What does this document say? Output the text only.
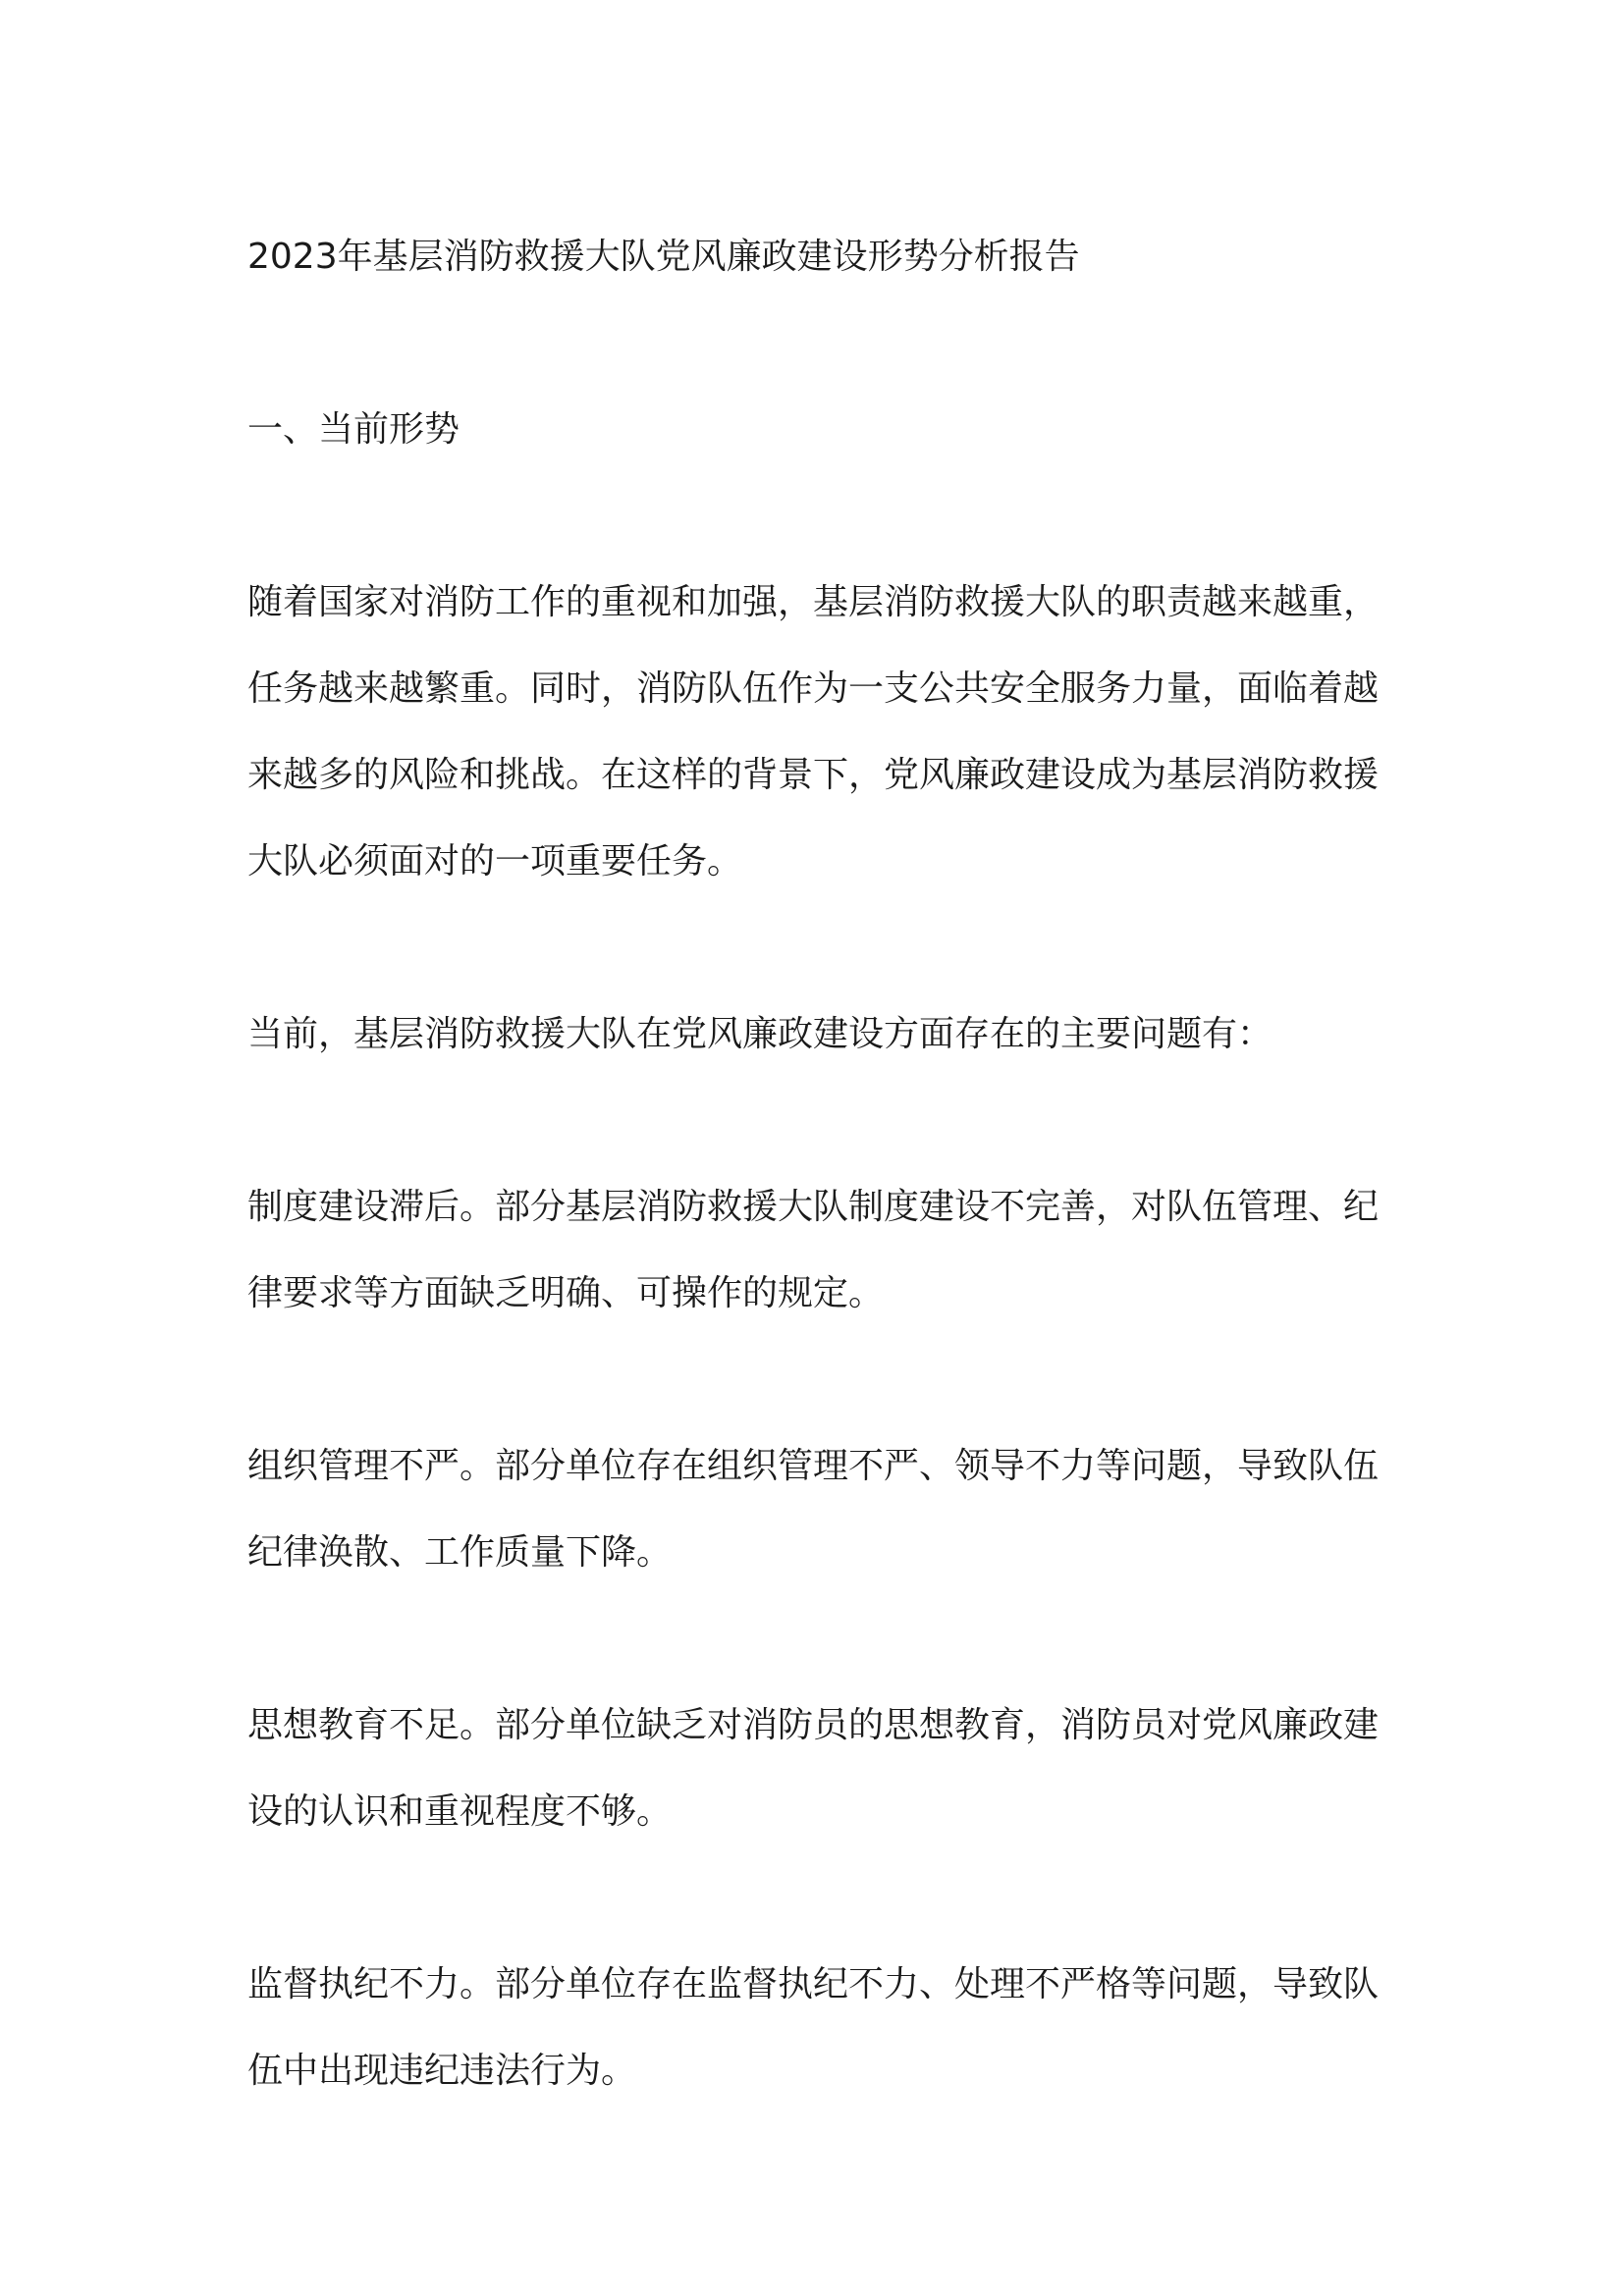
2023年基层消防救援大队党风廉政建设形势分析报告

一、当前形势

随着国家对消防工作的重视和加强，基层消防救援大队的职责越来越重，任务越来越繁重。同时，消防队伍作为一支公共安全服务力量，面临着越来越多的风险和挑战。在这样的背景下，党风廉政建设成为基层消防救援大队必须面对的一项重要任务。

当前，基层消防救援大队在党风廉政建设方面存在的主要问题有：

制度建设滞后。部分基层消防救援大队制度建设不完善，对队伍管理、纪律要求等方面缺乏明确、可操作的规定。

组织管理不严。部分单位存在组织管理不严、领导不力等问题，导致队伍纪律涣散、工作质量下降。

思想教育不足。部分单位缺乏对消防员的思想教育，消防员对党风廉政建设的认识和重视程度不够。

监督执纪不力。部分单位存在监督执纪不力、处理不严格等问题，导致队伍中出现违纪违法行为。
